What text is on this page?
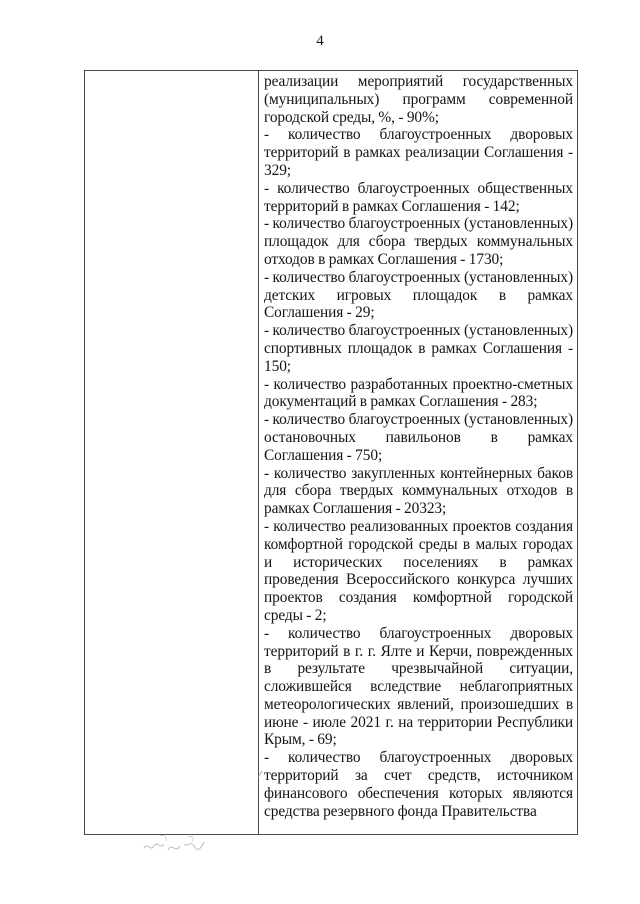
4

реализации мероприятий государственных (муниципальных) программ современной городской среды, %, - 90%;

- количество благоустроенных дворовых территорий в рамках реализации Соглашения - 329;

- количество благоустроенных общественных территорий в рамках Соглашения - 142;

- количество благоустроенных (установленных) площадок для сбора твердых коммунальных отходов в рамках Соглашения - 1730;

- количество благоустроенных (установленных) детских игровых площадок в рамках Соглашения - 29;

- количество благоустроенных (установленных) спортивных площадок в рамках Соглашения - 150;

- количество разработанных проектно-сметных документаций в рамках Соглашения - 283;

- количество благоустроенных (установленных) остановочных павильонов в рамках Соглашения - 750;

- количество закупленных контейнерных баков для сбора твердых коммунальных отходов в рамках Соглашения - 20323;

- количество реализованных проектов создания комфортной городской среды в малых городах и исторических поселениях в рамках проведения Всероссийского конкурса лучших проектов создания комфортной городской среды - 2;

- количество благоустроенных дворовых территорий в г. г. Ялте и Керчи, поврежденных в результате чрезвычайной ситуации, сложившейся вследствие неблагоприятных метеорологических явлений, произошедших в июне - июле 2021 г. на территории Республики Крым, - 69;

- количество благоустроенных дворовых территорий за счет средств, источником финансового обеспечения которых являются средства резервного фонда Правительства
